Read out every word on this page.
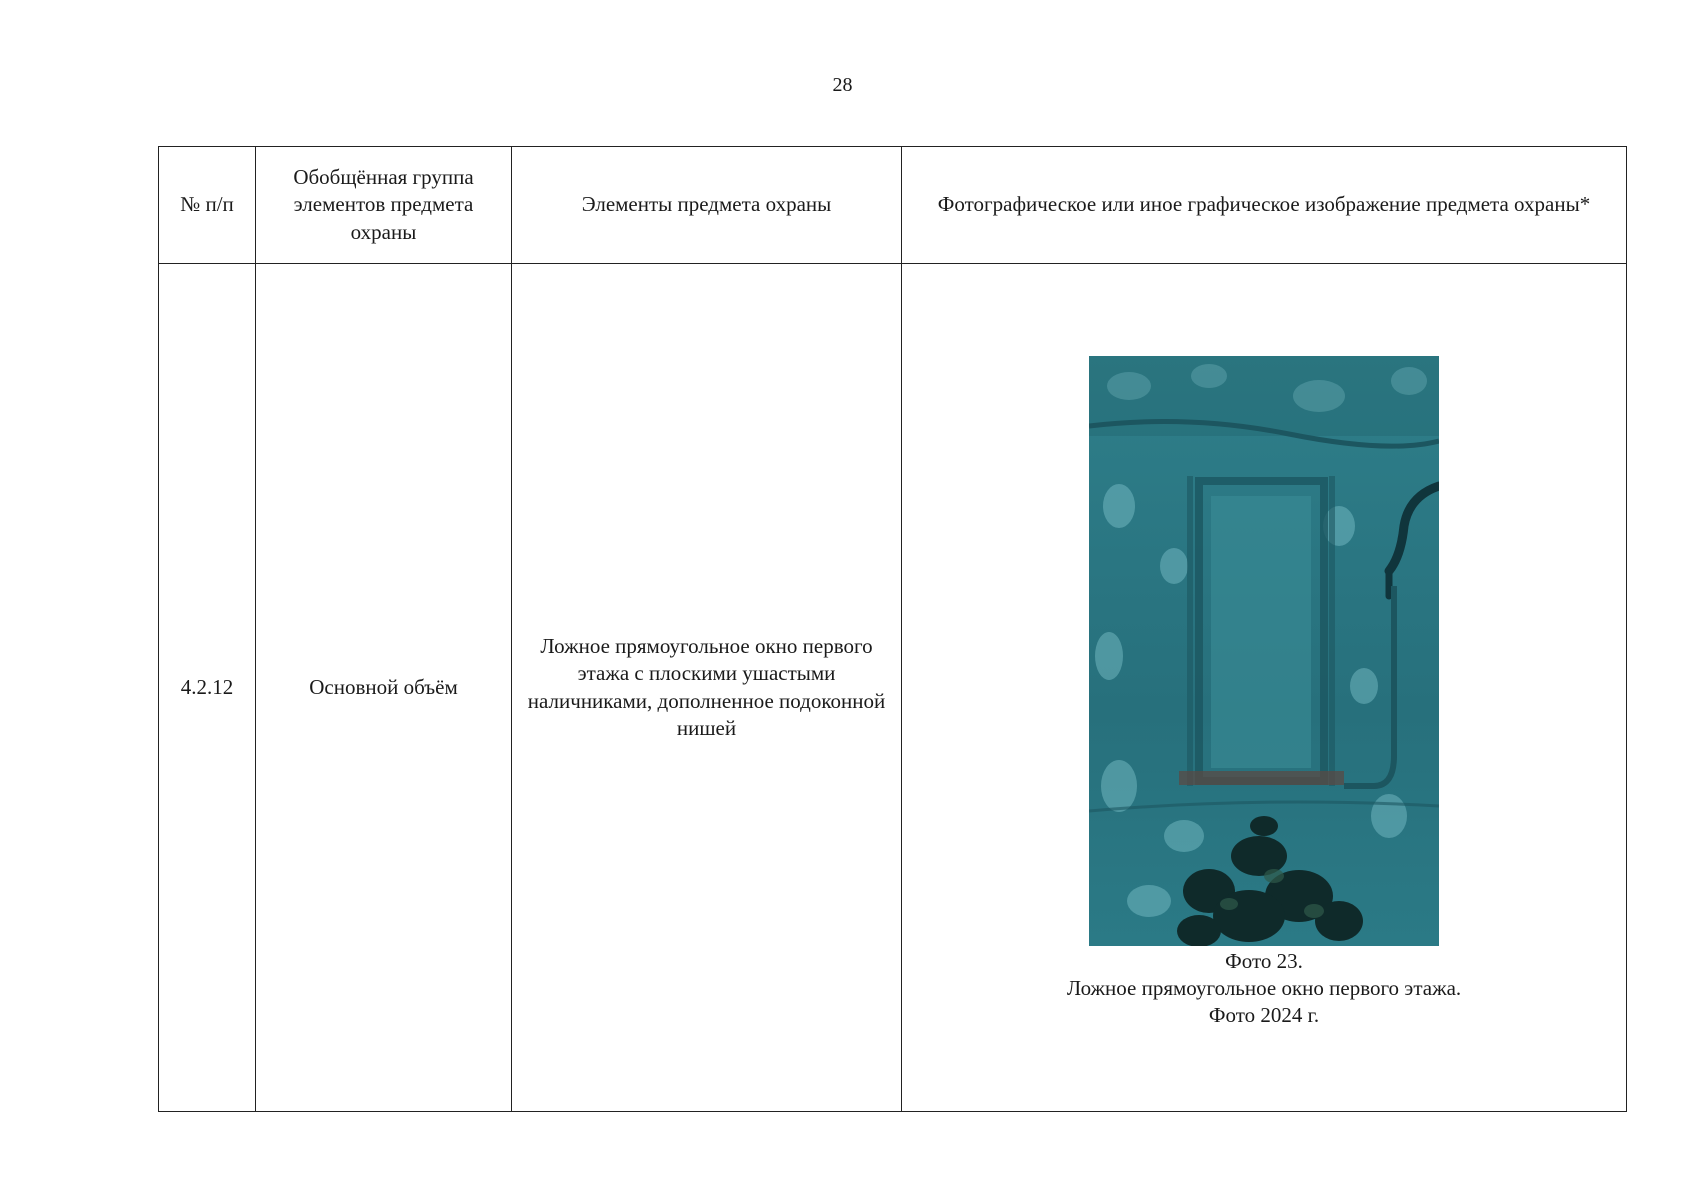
28
№ п/п	Обобщённая группа элементов предмета охраны	Элементы предмета охраны	Фотографическое или иное графическое изображение предмета охраны*
4.2.12	Основной объём	Ложное прямоугольное окно первого этажа с плоскими ушастыми наличниками, дополненное подоконной нишей	Фото 23.
Ложное прямоугольное окно первого этажа.
Фото 2024 г.
